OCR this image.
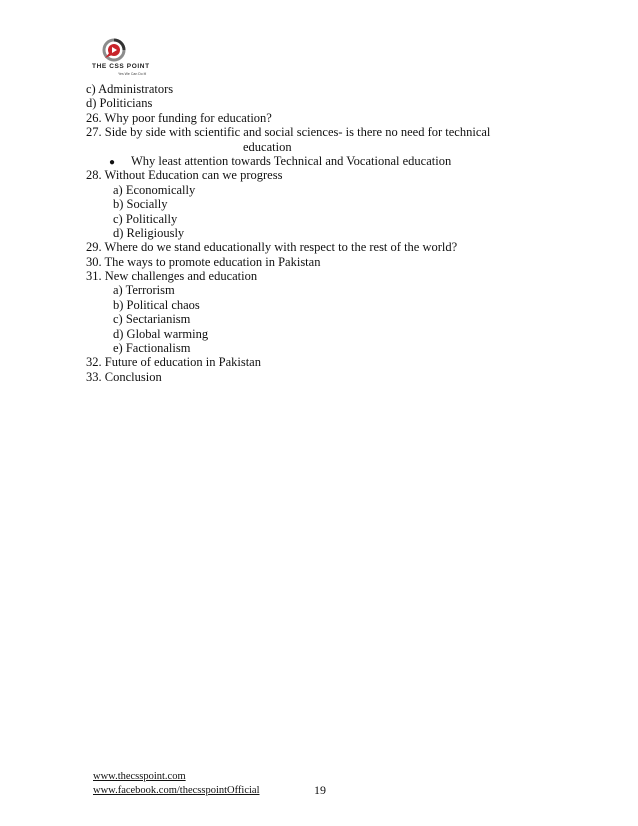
THE CSS POINT
Yes We Can Do it!
c) Administrators
d) Politicians
26. Why poor funding for education?
27. Side by side with scientific and social sciences- is there no need for technical
education
● Why least attention towards Technical and Vocational education
28. Without Education can we progress
a) Economically
b) Socially
c) Politically
d) Religiously
29. Where do we stand educationally with respect to the rest of the world?
30. The ways to promote education in Pakistan
31. New challenges and education
a) Terrorism
b) Political chaos
c) Sectarianism
d) Global warming
e) Factionalism
32. Future of education in Pakistan
33. Conclusion
www.thecsspoint.com
www.facebook.com/thecsspointOfficial	19
